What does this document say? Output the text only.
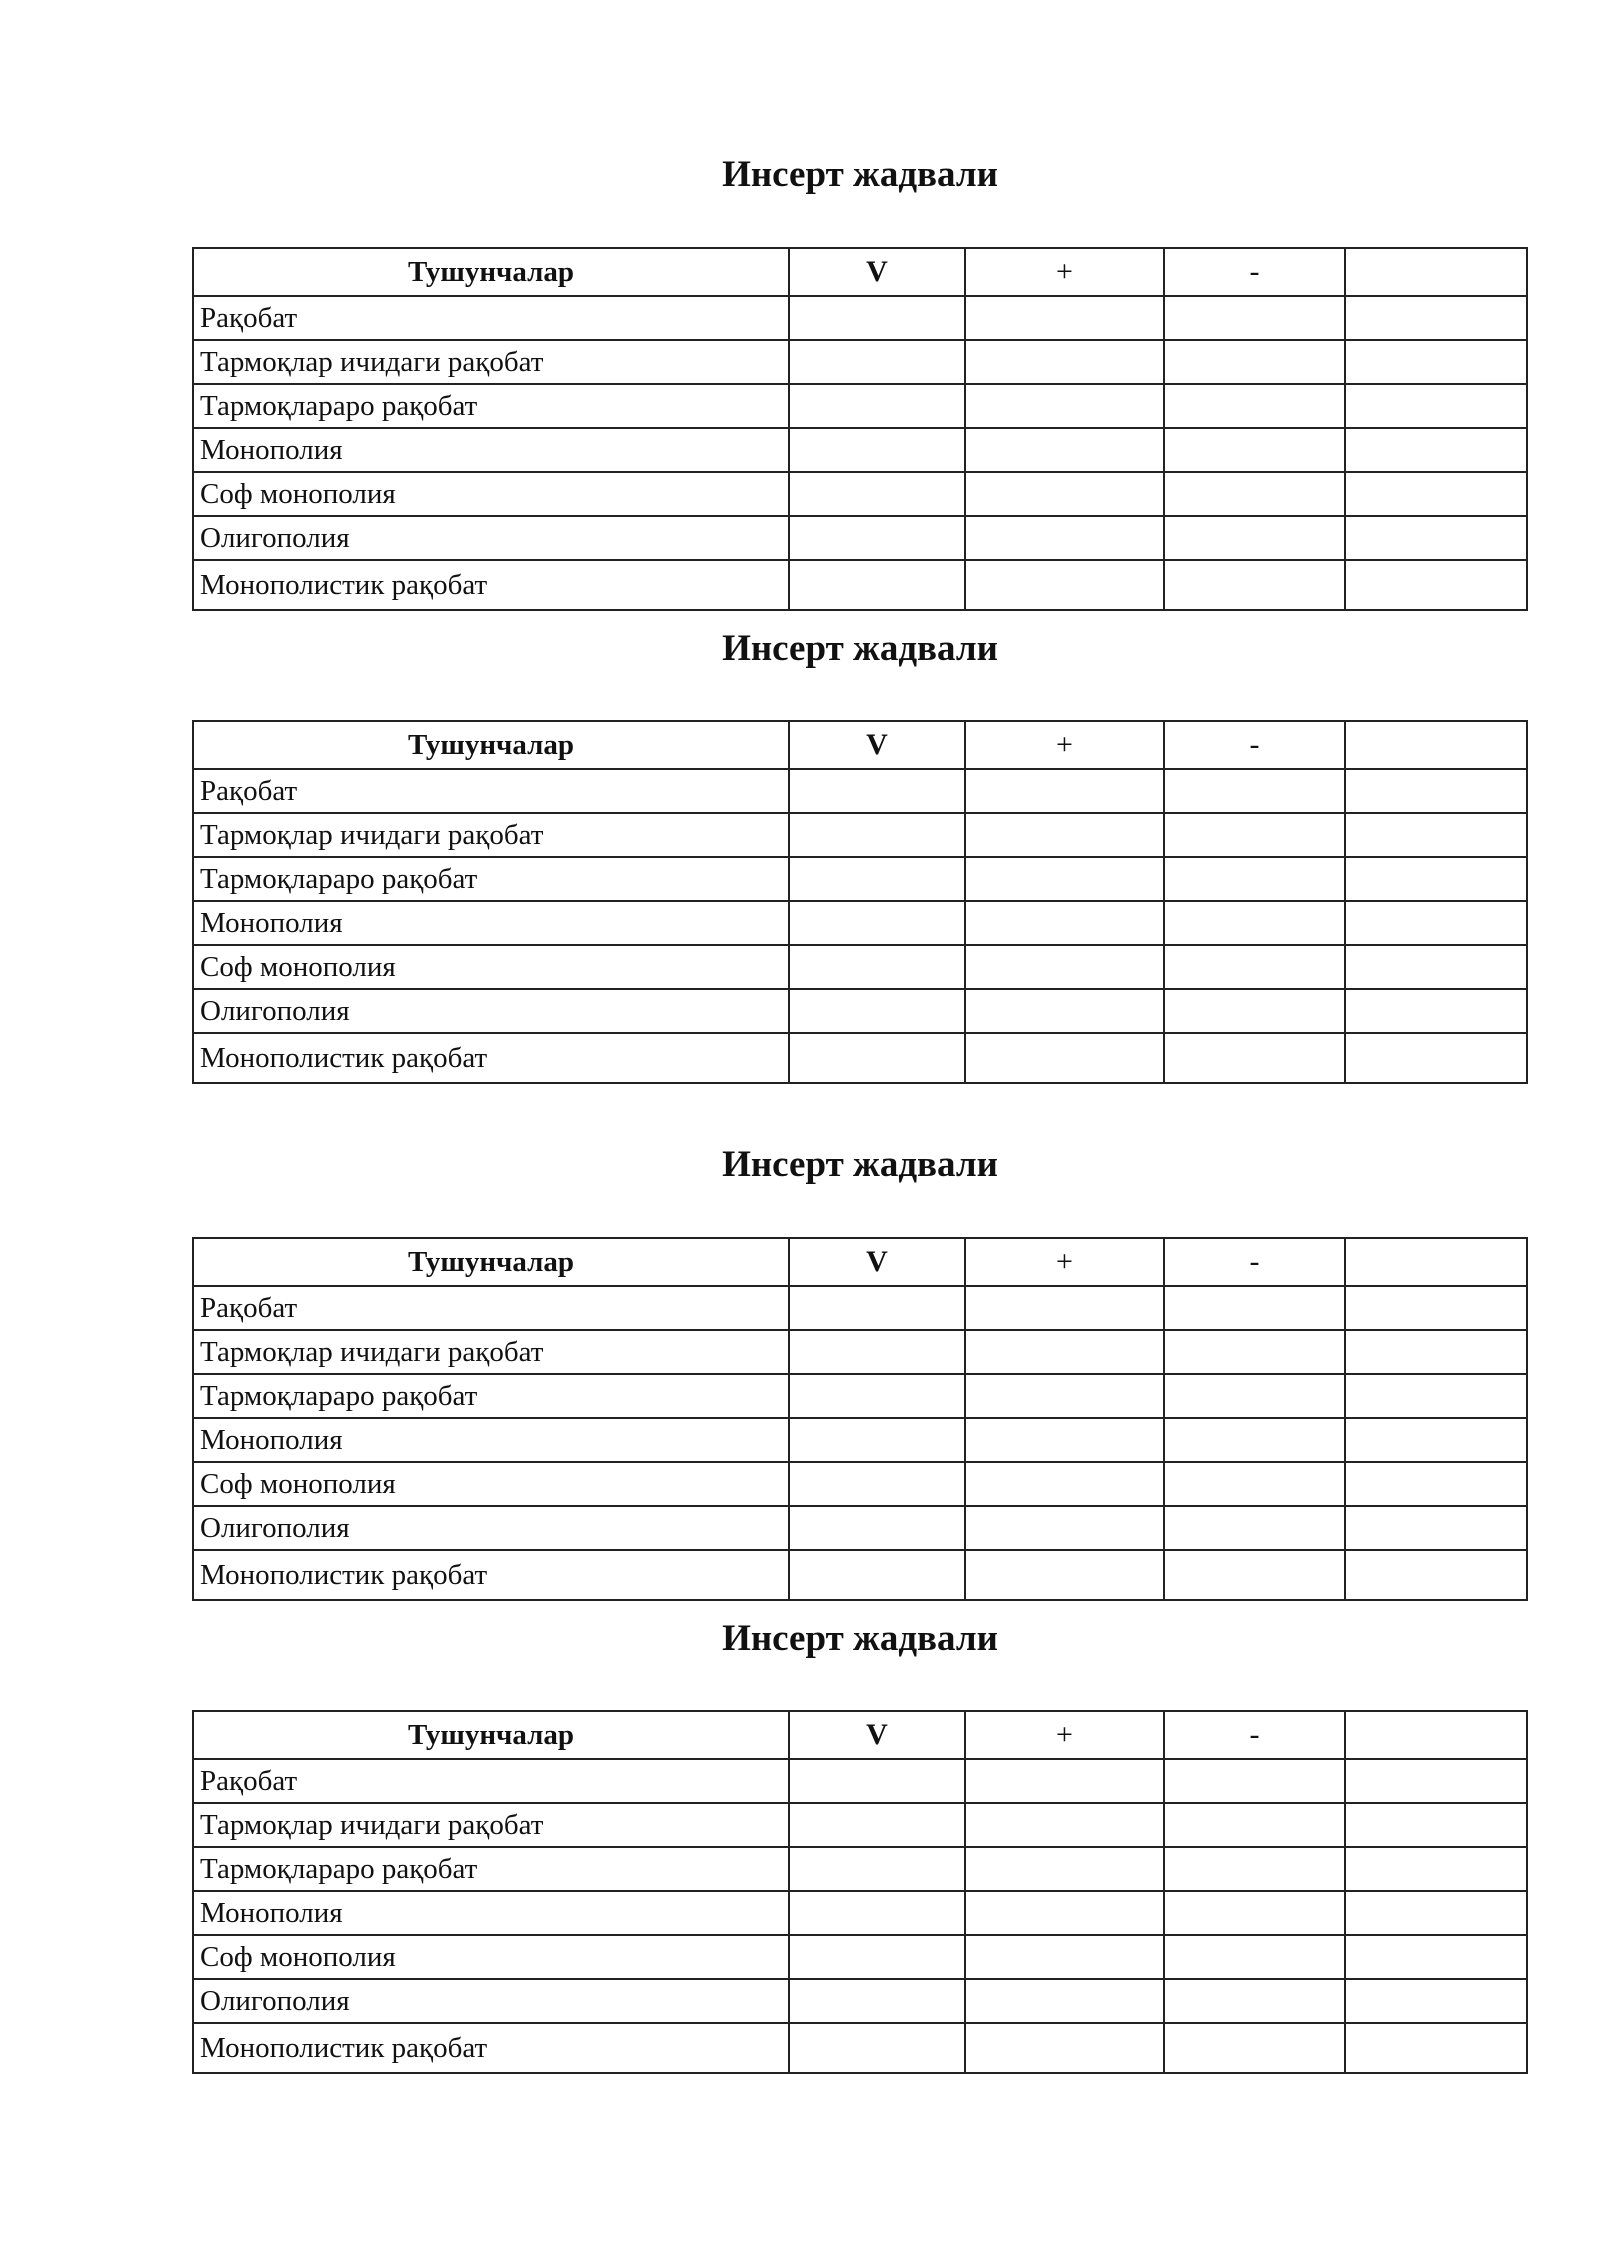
Инсерт жадвали
Тушунчалар	V	+	-	
Рақобат				
Тармоқлар ичидаги рақобат				
Тармоқлараро рақобат				
Монополия				
Соф монополия				
Олигополия				
Монополистик рақобат				
Инсерт жадвали
Тушунчалар	V	+	-	
Рақобат				
Тармоқлар ичидаги рақобат				
Тармоқлараро рақобат				
Монополия				
Соф монополия				
Олигополия				
Монополистик рақобат				
Инсерт жадвали
Тушунчалар	V	+	-	
Рақобат				
Тармоқлар ичидаги рақобат				
Тармоқлараро рақобат				
Монополия				
Соф монополия				
Олигополия				
Монополистик рақобат				
Инсерт жадвали
Тушунчалар	V	+	-	
Рақобат				
Тармоқлар ичидаги рақобат				
Тармоқлараро рақобат				
Монополия				
Соф монополия				
Олигополия				
Монополистик рақобат				
